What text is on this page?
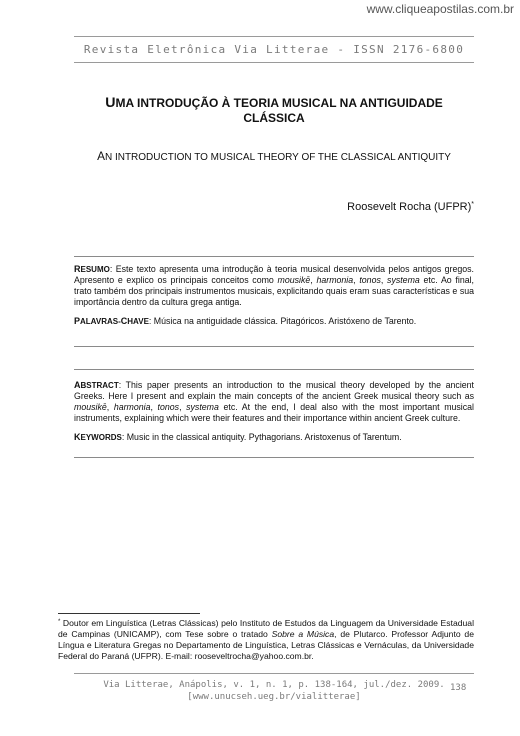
www.cliqueapostilas.com.br
Revista Eletrônica Via Litterae - ISSN 2176-6800
UMA INTRODUÇÃO À TEORIA MUSICAL NA ANTIGUIDADE CLÁSSICA
AN INTRODUCTION TO MUSICAL THEORY OF THE CLASSICAL ANTIQUITY
Roosevelt Rocha (UFPR)*

RESUMO: Este texto apresenta uma introdução à teoria musical desenvolvida pelos antigos gregos. Apresento e explico os principais conceitos como mousikē, harmonia, tonos, systema etc. Ao final, trato também dos principais instrumentos musicais, explicitando quais eram suas características e sua importância dentro da cultura grega antiga.

PALAVRAS-CHAVE: Música na antiguidade clássica. Pitagóricos. Aristóxeno de Tarento.

ABSTRACT: This paper presents an introduction to the musical theory developed by the ancient Greeks. Here I present and explain the main concepts of the ancient Greek musical theory such as mousikē, harmonia, tonos, systema etc. At the end, I deal also with the most important musical instruments, explaining which were their features and their importance within ancient Greek culture.

KEYWORDS: Music in the classical antiquity. Pythagorians. Aristoxenus of Tarentum.

* Doutor em Linguística (Letras Clássicas) pelo Instituto de Estudos da Linguagem da Universidade Estadual de Campinas (UNICAMP), com Tese sobre o tratado Sobre a Música, de Plutarco. Professor Adjunto de Língua e Literatura Gregas no Departamento de Linguística, Letras Clássicas e Vernáculas, da Universidade Federal do Paraná (UFPR). E-mail: rooseveltrocha@yahoo.com.br.
Via Litterae, Anápolis, v. 1, n. 1, p. 138-164, jul./dez. 2009.
[www.unucseh.ueg.br/vialitterae]
138
